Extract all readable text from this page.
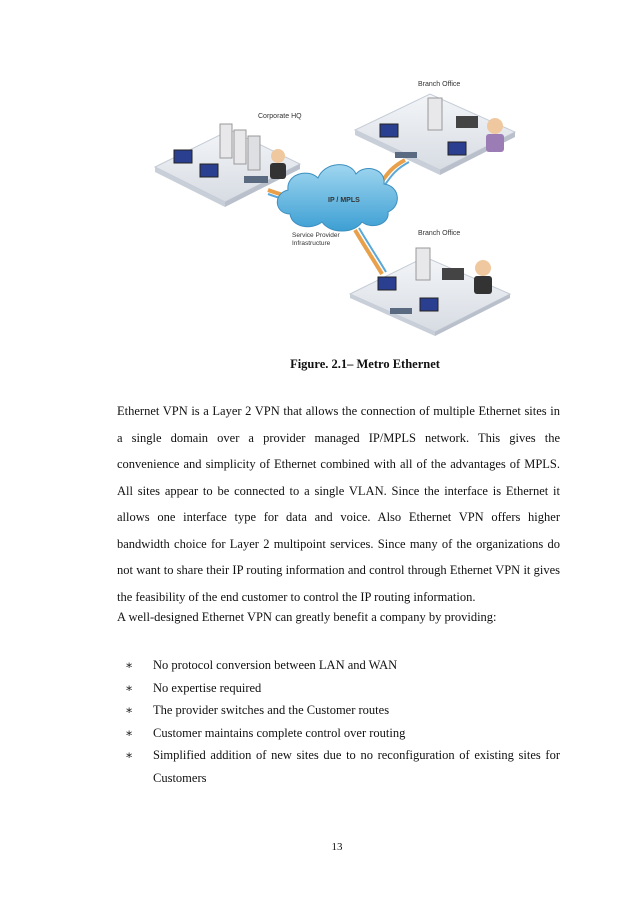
Corporate HQ
Branch Office
Branch Office
IP / MPLS
Service Provider
Infrastructure
Figure. 2.1– Metro Ethernet

Ethernet VPN is a Layer 2 VPN that allows the connection of multiple Ethernet sites in a single domain over a provider managed IP/MPLS network. This gives the convenience and simplicity of Ethernet combined with all of the advantages of MPLS. All sites appear to be connected to a single VLAN. Since the interface is Ethernet it allows one interface type for data and voice. Also Ethernet VPN offers higher bandwidth choice for Layer 2 multipoint services. Since many of the organizations do not want to share their IP routing information and control through Ethernet VPN it gives the feasibility of the end customer to control the IP routing information.

A well-designed Ethernet VPN can greatly benefit a company by providing:

∗ No protocol conversion between LAN and WAN
∗ No expertise required
∗ The provider switches and the Customer routes
∗ Customer maintains complete control over routing
∗ Simplified addition of new sites due to no reconfiguration of existing sites for Customers
13
